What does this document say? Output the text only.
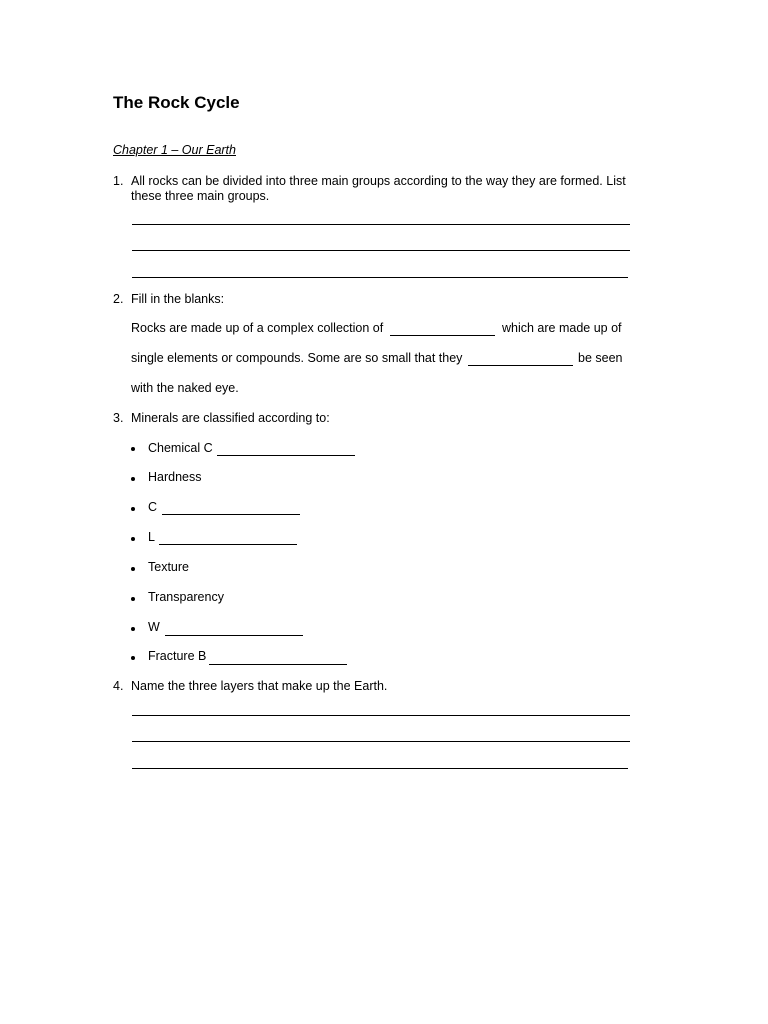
The Rock Cycle
Chapter 1 – Our Earth
1. All rocks can be divided into three main groups according to the way they are formed. List these three main groups.
2. Fill in the blanks:
Rocks are made up of a complex collection of	which are made up of
single elements or compounds. Some are so small that they	be seen
with the naked eye.
3. Minerals are classified according to:
Chemical C
Hardness
C
L
Texture
Transparency
W
Fracture B
4. Name the three layers that make up the Earth.
